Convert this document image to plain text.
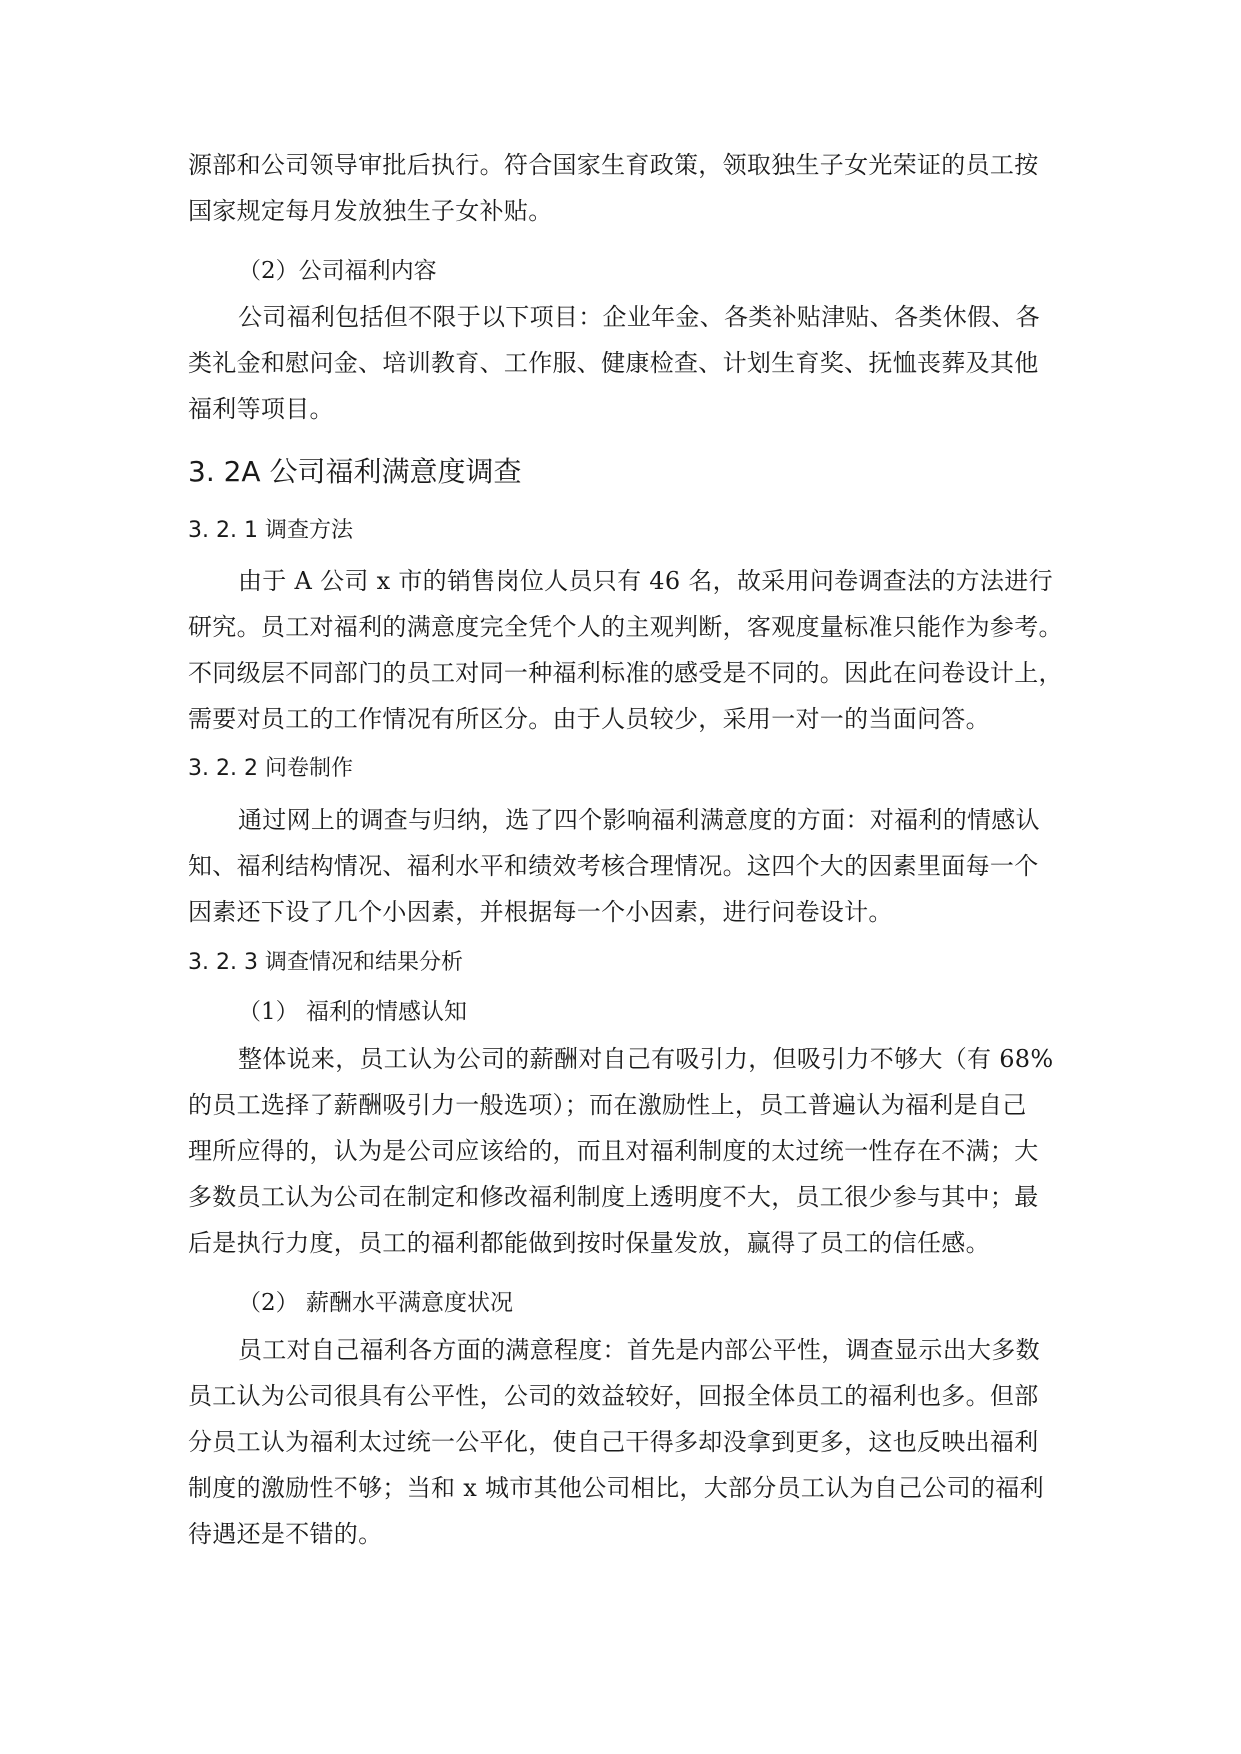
源部和公司领导审批后执行。符合国家生育政策，领取独生子女光荣证的员工按
国家规定每月发放独生子女补贴。
（2）公司福利内容
公司福利包括但不限于以下项目：企业年金、各类补贴津贴、各类休假、各
类礼金和慰问金、培训教育、工作服、健康检查、计划生育奖、抚恤丧葬及其他
福利等项目。
3. 2A 公司福利满意度调查
3. 2. 1 调查方法
由于 A 公司 x 市的销售岗位人员只有 46 名，故采用问卷调查法的方法进行
研究。员工对福利的满意度完全凭个人的主观判断，客观度量标准只能作为参考。
不同级层不同部门的员工对同一种福利标准的感受是不同的。因此在问卷设计上，
需要对员工的工作情况有所区分。由于人员较少，采用一对一的当面问答。
3. 2. 2 问卷制作
通过网上的调查与归纳，选了四个影响福利满意度的方面：对福利的情感认
知、福利结构情况、福利水平和绩效考核合理情况。这四个大的因素里面每一个
因素还下设了几个小因素，并根据每一个小因素，进行问卷设计。
3. 2. 3 调查情况和结果分析
（1） 福利的情感认知
整体说来，员工认为公司的薪酬对自己有吸引力，但吸引力不够大（有 68%
的员工选择了薪酬吸引力一般选项）；而在激励性上，员工普遍认为福利是自己
理所应得的，认为是公司应该给的，而且对福利制度的太过统一性存在不满；大
多数员工认为公司在制定和修改福利制度上透明度不大，员工很少参与其中；最
后是执行力度，员工的福利都能做到按时保量发放，赢得了员工的信任感。
（2） 薪酬水平满意度状况
员工对自己福利各方面的满意程度：首先是内部公平性，调查显示出大多数
员工认为公司很具有公平性，公司的效益较好，回报全体员工的福利也多。但部
分员工认为福利太过统一公平化，使自己干得多却没拿到更多，这也反映出福利
制度的激励性不够；当和 x 城市其他公司相比，大部分员工认为自己公司的福利
待遇还是不错的。
